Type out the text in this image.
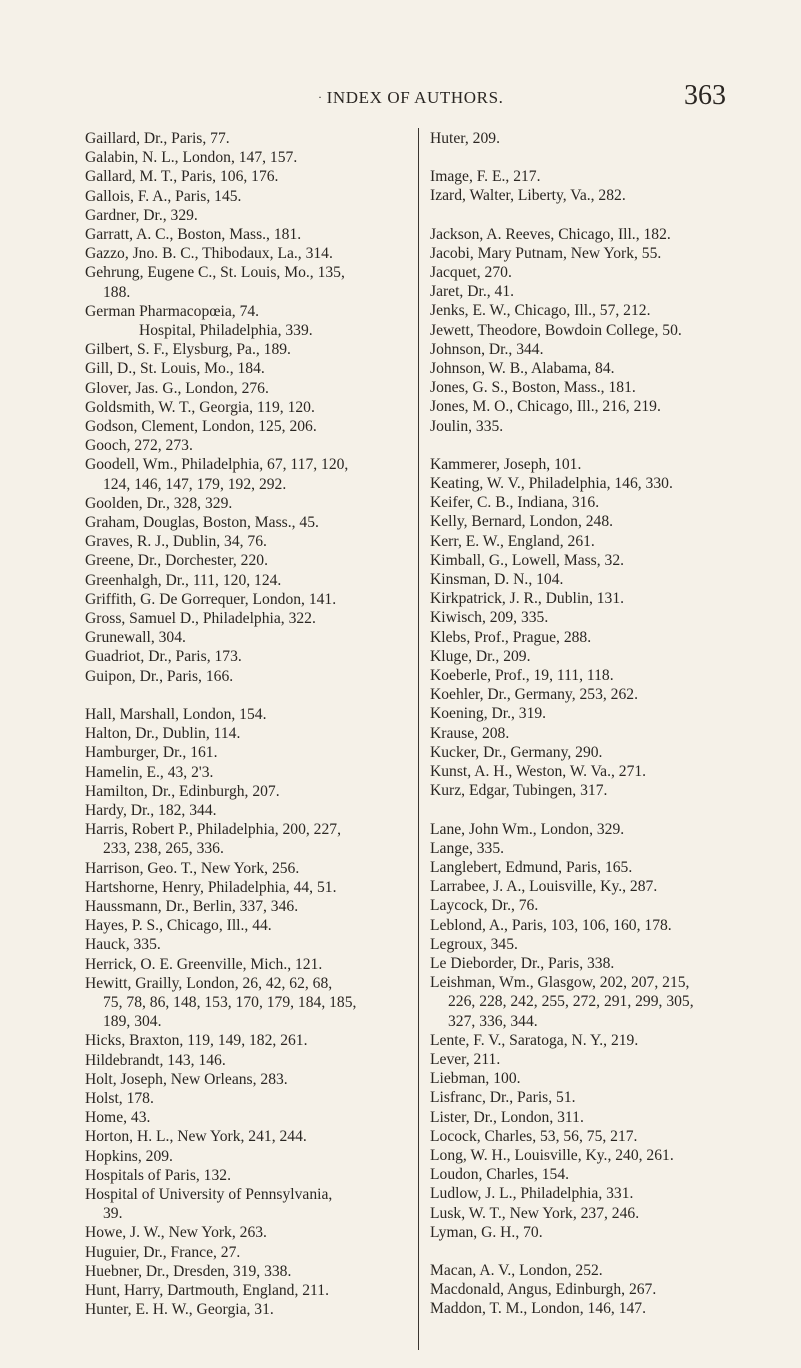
· INDEX OF AUTHORS.	363
Gaillard, Dr., Paris, 77.
Galabin, N. L., London, 147, 157.
Gallard, M. T., Paris, 106, 176.
Gallois, F. A., Paris, 145.
Gardner, Dr., 329.
Garratt, A. C., Boston, Mass., 181.
Gazzo, Jno. B. C., Thibodaux, La., 314.
Gehrung, Eugene C., St. Louis, Mo., 135,
188.
German Pharmacopœia, 74.
Hospital, Philadelphia, 339.
Gilbert, S. F., Elysburg, Pa., 189.
Gill, D., St. Louis, Mo., 184.
Glover, Jas. G., London, 276.
Goldsmith, W. T., Georgia, 119, 120.
Godson, Clement, London, 125, 206.
Gooch, 272, 273.
Goodell, Wm., Philadelphia, 67, 117, 120,
124, 146, 147, 179, 192, 292.
Goolden, Dr., 328, 329.
Graham, Douglas, Boston, Mass., 45.
Graves, R. J., Dublin, 34, 76.
Greene, Dr., Dorchester, 220.
Greenhalgh, Dr., 111, 120, 124.
Griffith, G. De Gorrequer, London, 141.
Gross, Samuel D., Philadelphia, 322.
Grunewall, 304.
Guadriot, Dr., Paris, 173.
Guipon, Dr., Paris, 166.
Hall, Marshall, London, 154.
Halton, Dr., Dublin, 114.
Hamburger, Dr., 161.
Hamelin, E., 43, 2'3.
Hamilton, Dr., Edinburgh, 207.
Hardy, Dr., 182, 344.
Harris, Robert P., Philadelphia, 200, 227,
233, 238, 265, 336.
Harrison, Geo. T., New York, 256.
Hartshorne, Henry, Philadelphia, 44, 51.
Haussmann, Dr., Berlin, 337, 346.
Hayes, P. S., Chicago, Ill., 44.
Hauck, 335.
Herrick, O. E. Greenville, Mich., 121.
Hewitt, Grailly, London, 26, 42, 62, 68,
75, 78, 86, 148, 153, 170, 179, 184, 185,
189, 304.
Hicks, Braxton, 119, 149, 182, 261.
Hildebrandt, 143, 146.
Holt, Joseph, New Orleans, 283.
Holst, 178.
Home, 43.
Horton, H. L., New York, 241, 244.
Hopkins, 209.
Hospitals of Paris, 132.
Hospital of University of Pennsylvania,
39.
Howe, J. W., New York, 263.
Huguier, Dr., France, 27.
Huebner, Dr., Dresden, 319, 338.
Hunt, Harry, Dartmouth, England, 211.
Hunter, E. H. W., Georgia, 31.
Huter, 209.
Image, F. E., 217.
Izard, Walter, Liberty, Va., 282.
Jackson, A. Reeves, Chicago, Ill., 182.
Jacobi, Mary Putnam, New York, 55.
Jacquet, 270.
Jaret, Dr., 41.
Jenks, E. W., Chicago, Ill., 57, 212.
Jewett, Theodore, Bowdoin College, 50.
Johnson, Dr., 344.
Johnson, W. B., Alabama, 84.
Jones, G. S., Boston, Mass., 181.
Jones, M. O., Chicago, Ill., 216, 219.
Joulin, 335.
Kammerer, Joseph, 101.
Keating, W. V., Philadelphia, 146, 330.
Keifer, C. B., Indiana, 316.
Kelly, Bernard, London, 248.
Kerr, E. W., England, 261.
Kimball, G., Lowell, Mass, 32.
Kinsman, D. N., 104.
Kirkpatrick, J. R., Dublin, 131.
Kiwisch, 209, 335.
Klebs, Prof., Prague, 288.
Kluge, Dr., 209.
Koeberle, Prof., 19, 111, 118.
Koehler, Dr., Germany, 253, 262.
Koening, Dr., 319.
Krause, 208.
Kucker, Dr., Germany, 290.
Kunst, A. H., Weston, W. Va., 271.
Kurz, Edgar, Tubingen, 317.
Lane, John Wm., London, 329.
Lange, 335.
Langlebert, Edmund, Paris, 165.
Larrabee, J. A., Louisville, Ky., 287.
Laycock, Dr., 76.
Leblond, A., Paris, 103, 106, 160, 178.
Legroux, 345.
Le Dieborder, Dr., Paris, 338.
Leishman, Wm., Glasgow, 202, 207, 215,
226, 228, 242, 255, 272, 291, 299, 305,
327, 336, 344.
Lente, F. V., Saratoga, N. Y., 219.
Lever, 211.
Liebman, 100.
Lisfranc, Dr., Paris, 51.
Lister, Dr., London, 311.
Locock, Charles, 53, 56, 75, 217.
Long, W. H., Louisville, Ky., 240, 261.
Loudon, Charles, 154.
Ludlow, J. L., Philadelphia, 331.
Lusk, W. T., New York, 237, 246.
Lyman, G. H., 70.
Macan, A. V., London, 252.
Macdonald, Angus, Edinburgh, 267.
Maddon, T. M., London, 146, 147.
